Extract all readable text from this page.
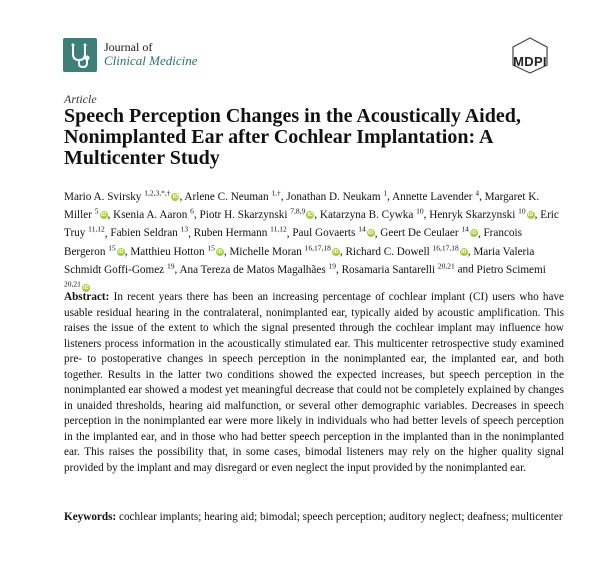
Journal of
Clinical Medicine	MDPI
Article
Speech Perception Changes in the Acoustically Aided, Nonimplanted Ear after Cochlear Implantation: A Multicenter Study
Mario A. Svirsky $^{1,2,3,*,\dagger}$ iD, Arlene C. Neuman $^{1,\dagger}$, Jonathan D. Neukam $^1$, Annette Lavender $^4$, Margaret K. Miller $^5$ iD, Ksenia A. Aaron $^6$, Piotr H. Skarzynski $^{7,8,9}$ iD, Katarzyna B. Cywka $^{10}$, Henryk Skarzynski $^{10}$ iD, Eric Truy $^{11,12}$, Fabien Seldran $^{13}$, Ruben Hermann $^{11,12}$, Paul Govaerts $^{14}$ iD, Geert De Ceulaer $^{14}$ iD, Francois Bergeron $^{15}$ iD, Matthieu Hotton $^{15}$ iD, Michelle Moran $^{16,17,18}$ iD, Richard C. Dowell $^{16,17,18}$ iD, Maria Valeria Schmidt Goffi-Gomez $^{19}$, Ana Tereza de Matos Magalhães $^{19}$, Rosamaria Santarelli $^{20,21}$ and Pietro Scimemi $^{20,21}$ iD
Abstract: In recent years there has been an increasing percentage of cochlear implant (CI) users who have usable residual hearing in the contralateral, nonimplanted ear, typically aided by acoustic amplification. This raises the issue of the extent to which the signal presented through the cochlear implant may influence how listeners process information in the acoustically stimulated ear. This multicenter retrospective study examined pre- to postoperative changes in speech perception in the nonimplanted ear, the implanted ear, and both together. Results in the latter two conditions showed the expected increases, but speech perception in the nonimplanted ear showed a modest yet meaningful decrease that could not be completely explained by changes in unaided thresholds, hearing aid malfunction, or several other demographic variables. Decreases in speech perception in the nonimplanted ear were more likely in individuals who had better levels of speech perception in the implanted ear, and in those who had better speech perception in the implanted than in the nonimplanted ear. This raises the possibility that, in some cases, bimodal listeners may rely on the higher quality signal provided by the implant and may disregard or even neglect the input provided by the nonimplanted ear.
Keywords: cochlear implants; hearing aid; bimodal; speech perception; auditory neglect; deafness; multicenter
